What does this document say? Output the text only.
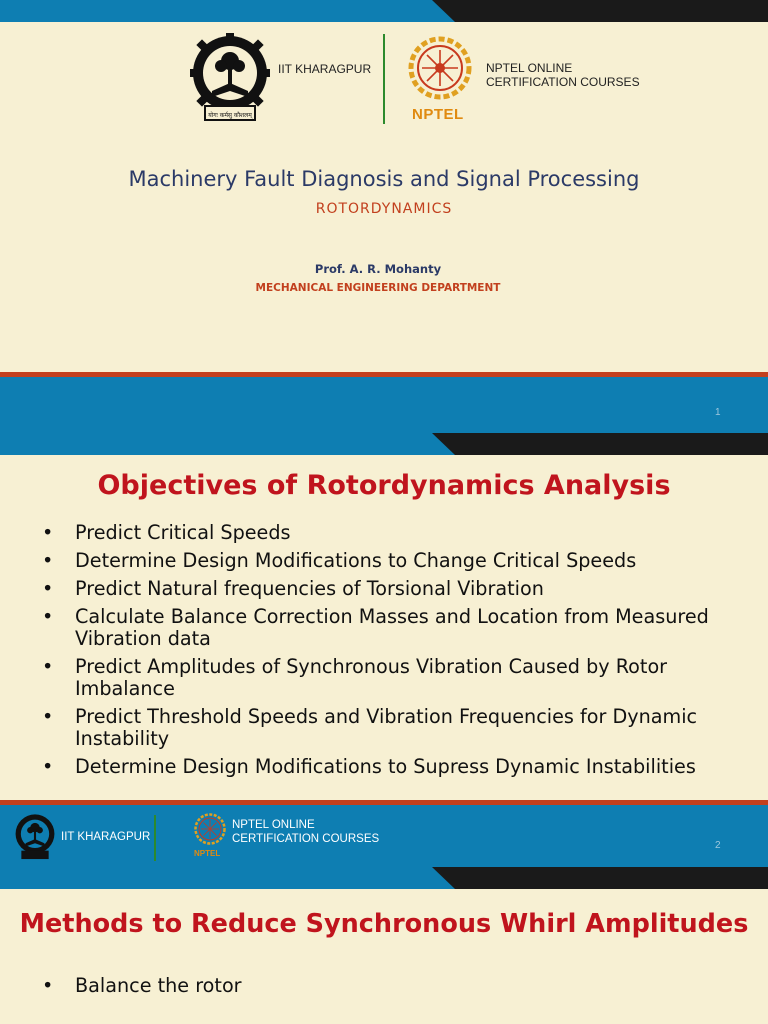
योगः कर्मसु कौशलम्
IIT KHARAGPUR
NPTEL
NPTEL ONLINE
CERTIFICATION COURSES
Machinery Fault Diagnosis and Signal Processing
ROTORDYNAMICS
Prof. A. R. Mohanty
MECHANICAL ENGINEERING DEPARTMENT
1
Objectives of Rotordynamics Analysis
• Predict Critical Speeds
• Determine Design Modifications to Change Critical Speeds
• Predict Natural frequencies of Torsional Vibration
• Calculate Balance Correction Masses and Location from Measured Vibration data
• Predict Amplitudes of Synchronous Vibration Caused by Rotor Imbalance
• Predict Threshold Speeds and Vibration Frequencies for Dynamic Instability
• Determine Design Modifications to Supress Dynamic Instabilities
IIT KHARAGPUR
NPTEL
NPTEL ONLINE
CERTIFICATION COURSES
2
Methods to Reduce Synchronous Whirl Amplitudes
• Balance the rotor
